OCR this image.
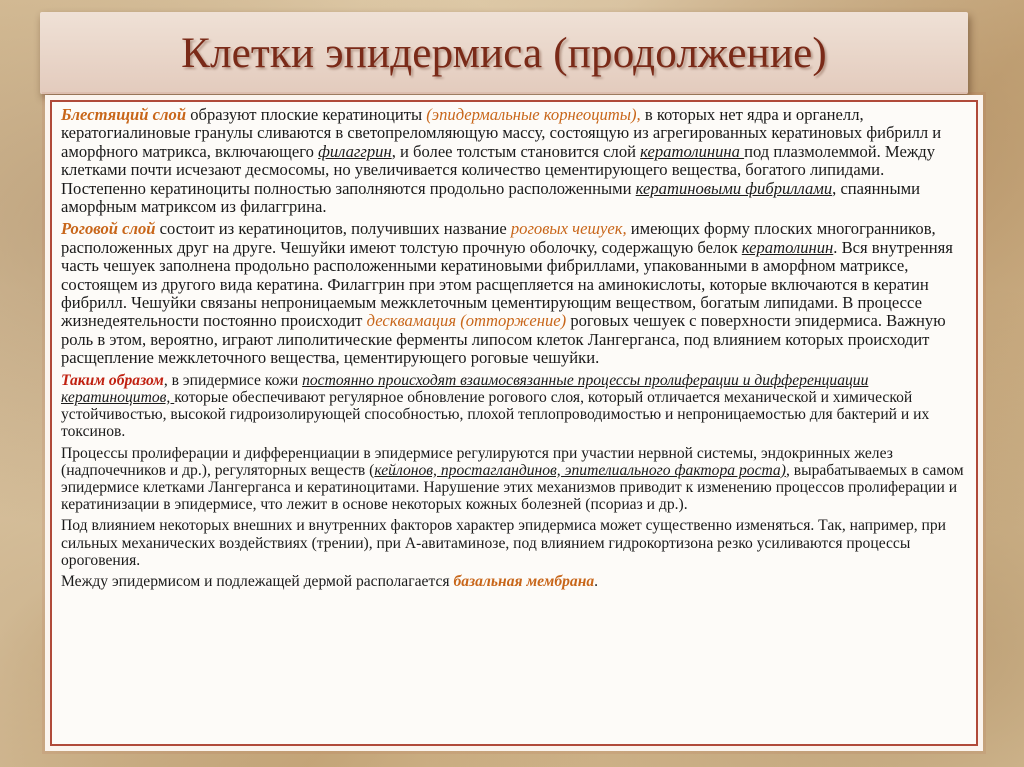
Клетки эпидермиса (продолжение)

Блестящий слой образуют плоские кератиноциты (эпидермальные корнеоциты), в которых нет ядра и органелл, кератогиалиновые гранулы сливаются в светопреломляющую массу, состоящую из агрегированных кератиновых фибрилл и аморфного матрикса, включающего филаггрин, и более толстым становится слой кератолинина под плазмолеммой. Между клетками почти исчезают десмосомы, но увеличивается количество цементирующего вещества, богатого липидами. Постепенно кератиноциты полностью заполняются продольно расположенными кератиновыми фибриллами, спаянными аморфным матриксом из филаггрина.

Роговой слой состоит из кератиноцитов, получивших название роговых чешуек, имеющих форму плоских многогранников, расположенных друг на друге. Чешуйки имеют толстую прочную оболочку, содержащую белок кератолинин. Вся внутренняя часть чешуек заполнена продольно расположенными кератиновыми фибриллами, упакованными в аморфном матриксе, состоящем из другого вида кератина. Филаггрин при этом расщепляется на аминокислоты, которые включаются в кератин фибрилл. Чешуйки связаны непроницаемым межклеточным цементирующим веществом, богатым липидами. В процессе жизнедеятельности постоянно происходит десквамация (отторжение) роговых чешуек с поверхности эпидермиса. Важную роль в этом, вероятно, играют липолитические ферменты липосом клеток Лангерганса, под влиянием которых происходит расщепление межклеточного вещества, цементирующего роговые чешуйки.

Таким образом, в эпидермисе кожи постоянно происходят взаимосвязанные процессы пролиферации и дифференциации кератиноцитов, которые обеспечивают регулярное обновление рогового слоя, который отличается механической и химической устойчивостью, высокой гидроизолирующей способностью, плохой теплопроводимостью и непроницаемостью для бактерий и их токсинов.

Процессы пролиферации и дифференциации в эпидермисе регулируются при участии нервной системы, эндокринных желез (надпочечников и др.), регуляторных веществ (кейлонов, простагландинов, эпителиального фактора роста), вырабатываемых в самом эпидермисе клетками Лангерганса и кератиноцитами. Нарушение этих механизмов приводит к изменению процессов пролиферации и кератинизации в эпидермисе, что лежит в основе некоторых кожных болезней (псориаз и др.).

Под влиянием некоторых внешних и внутренних факторов характер эпидермиса может существенно изменяться. Так, например, при сильных механических воздействиях (трении), при А-авитаминозе, под влиянием гидрокортизона резко усиливаются процессы ороговения.

Между эпидермисом и подлежащей дермой располагается базальная мембрана.
